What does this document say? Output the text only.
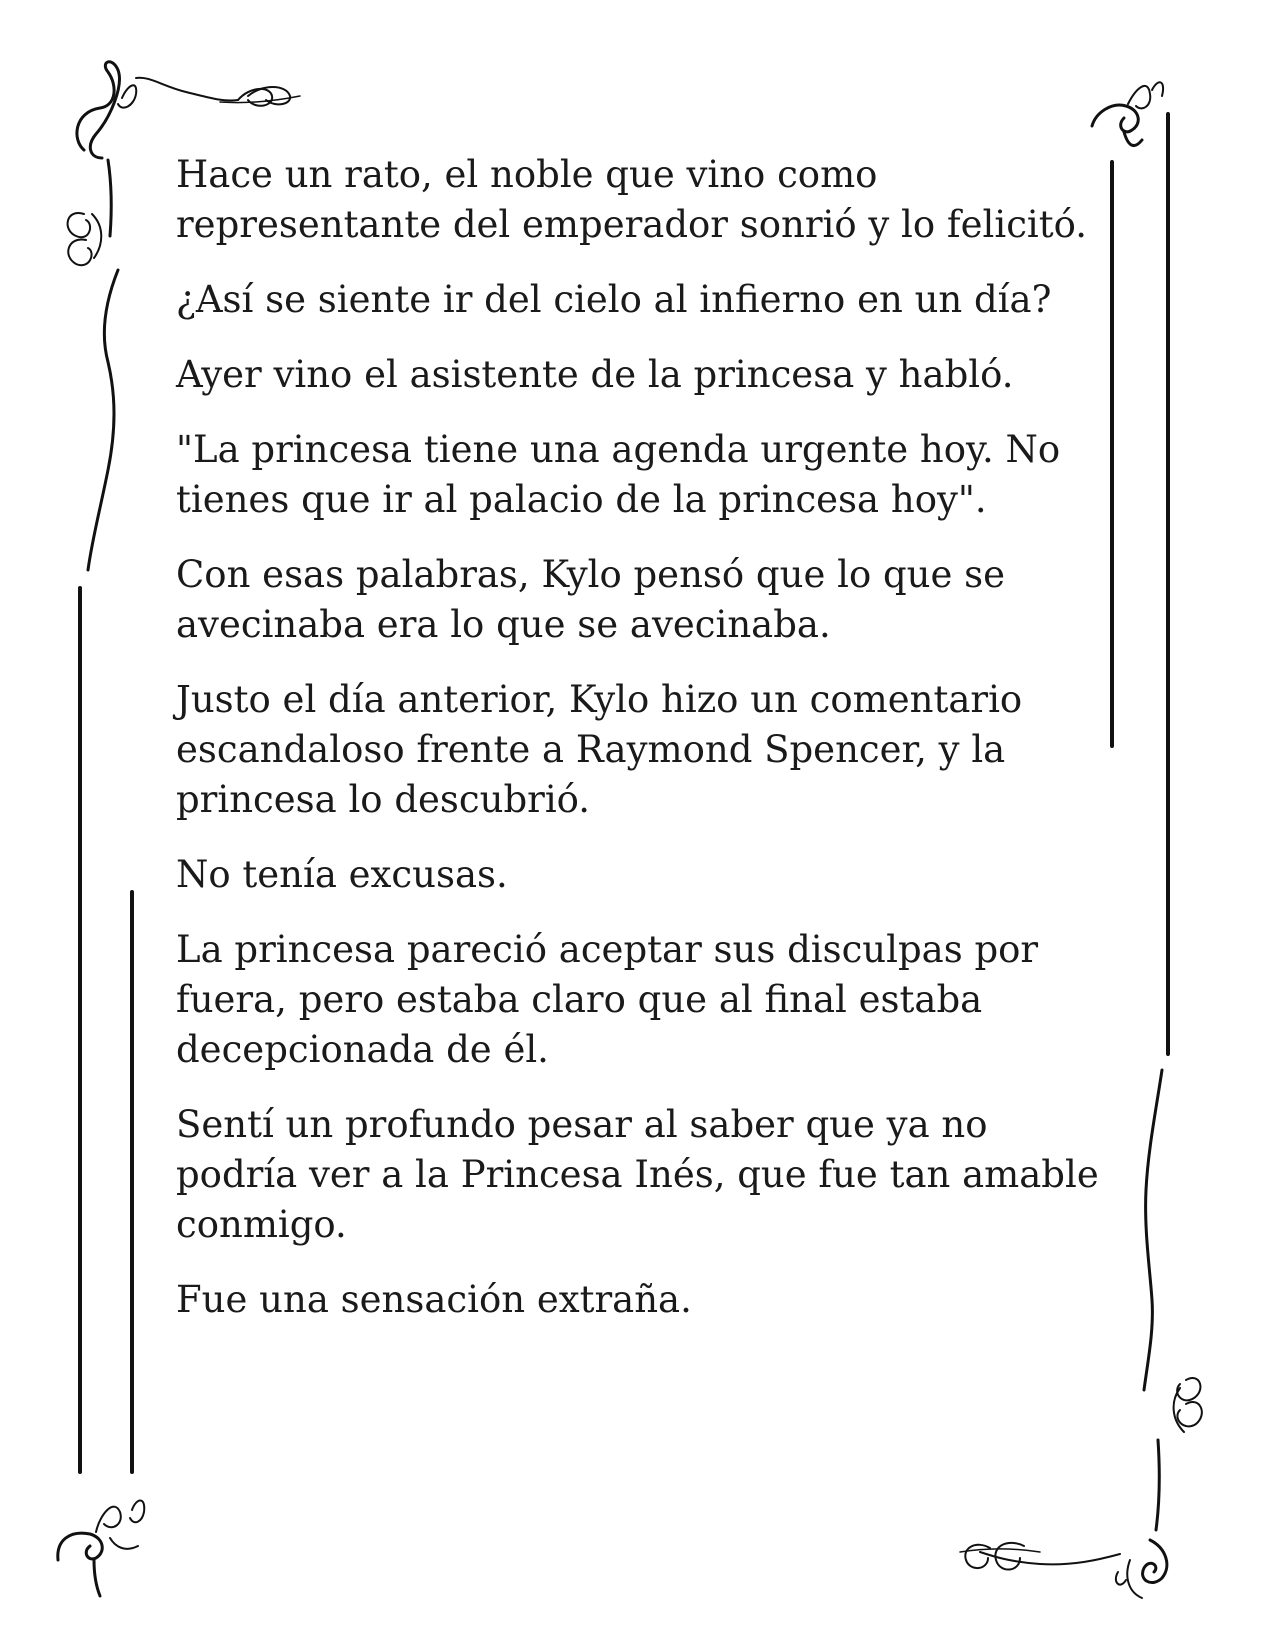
Hace un rato, el noble que vino como representante del emperador sonrió y lo felicitó.

¿Así se siente ir del cielo al infierno en un día?

Ayer vino el asistente de la princesa y habló.

"La princesa tiene una agenda urgente hoy. No tienes que ir al palacio de la princesa hoy".

Con esas palabras, Kylo pensó que lo que se avecinaba era lo que se avecinaba.

Justo el día anterior, Kylo hizo un comentario escandaloso frente a Raymond Spencer, y la princesa lo descubrió.

No tenía excusas.

La princesa pareció aceptar sus disculpas por fuera, pero estaba claro que al final estaba decepcionada de él.

Sentí un profundo pesar al saber que ya no podría ver a la Princesa Inés, que fue tan amable conmigo.

Fue una sensación extraña.
